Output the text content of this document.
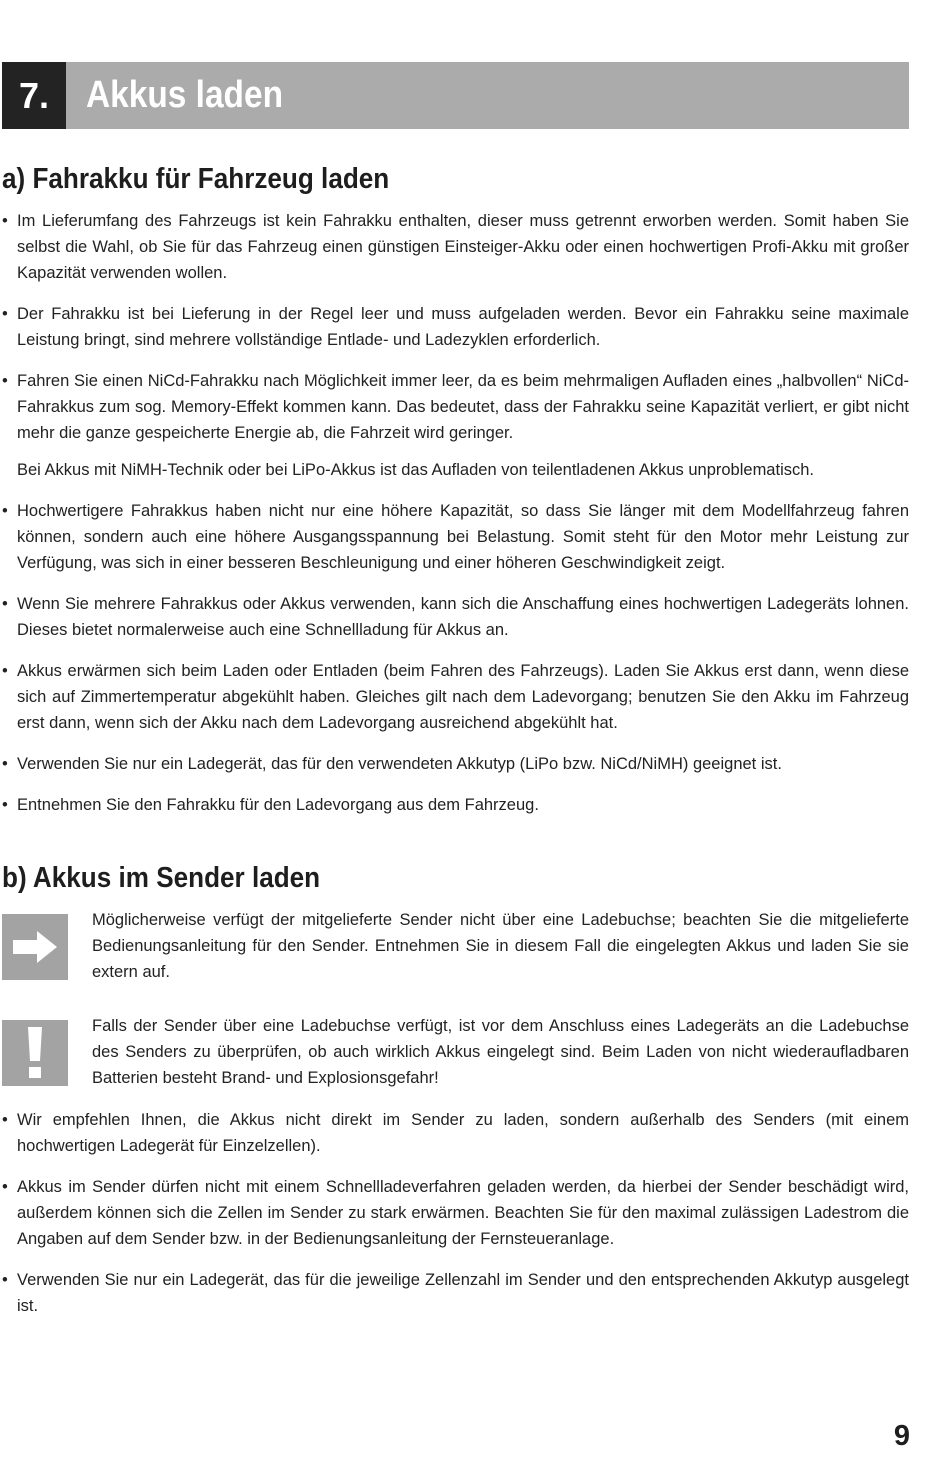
7. Akkus laden
a) Fahrakku für Fahrzeug laden
• Im Lieferumfang des Fahrzeugs ist kein Fahrakku enthalten, dieser muss getrennt erworben werden. Somit haben Sie selbst die Wahl, ob Sie für das Fahrzeug einen günstigen Einsteiger-Akku oder einen hochwertigen Profi-Akku mit großer Kapazität verwenden wollen.
• Der Fahrakku ist bei Lieferung in der Regel leer und muss aufgeladen werden. Bevor ein Fahrakku seine maximale Leistung bringt, sind mehrere vollständige Entlade- und Ladezyklen erforderlich.
• Fahren Sie einen NiCd-Fahrakku nach Möglichkeit immer leer, da es beim mehrmaligen Aufladen eines „halbvollen“ NiCd-Fahrakkus zum sog. Memory-Effekt kommen kann. Das bedeutet, dass der Fahrakku seine Kapazität verliert, er gibt nicht mehr die ganze gespeicherte Energie ab, die Fahrzeit wird geringer.
Bei Akkus mit NiMH-Technik oder bei LiPo-Akkus ist das Aufladen von teilentladenen Akkus unproblematisch.
• Hochwertigere Fahrakkus haben nicht nur eine höhere Kapazität, so dass Sie länger mit dem Modellfahrzeug fahren können, sondern auch eine höhere Ausgangsspannung bei Belastung. Somit steht für den Motor mehr Leistung zur Verfügung, was sich in einer besseren Beschleunigung und einer höheren Geschwindigkeit zeigt.
• Wenn Sie mehrere Fahrakkus oder Akkus verwenden, kann sich die Anschaffung eines hochwertigen Ladegeräts lohnen. Dieses bietet normalerweise auch eine Schnellladung für Akkus an.
• Akkus erwärmen sich beim Laden oder Entladen (beim Fahren des Fahrzeugs). Laden Sie Akkus erst dann, wenn diese sich auf Zimmertemperatur abgekühlt haben. Gleiches gilt nach dem Ladevorgang; benutzen Sie den Akku im Fahrzeug erst dann, wenn sich der Akku nach dem Ladevorgang ausreichend abgekühlt hat.
• Verwenden Sie nur ein Ladegerät, das für den verwendeten Akkutyp (LiPo bzw. NiCd/NiMH) geeignet ist.
• Entnehmen Sie den Fahrakku für den Ladevorgang aus dem Fahrzeug.
b) Akkus im Sender laden
Möglicherweise verfügt der mitgelieferte Sender nicht über eine Ladebuchse; beachten Sie die mitgelieferte Bedienungsanleitung für den Sender. Entnehmen Sie in diesem Fall die eingelegten Akkus und laden Sie sie extern auf.
Falls der Sender über eine Ladebuchse verfügt, ist vor dem Anschluss eines Ladegeräts an die Ladebuchse des Senders zu überprüfen, ob auch wirklich Akkus eingelegt sind. Beim Laden von nicht wiederaufladbaren Batterien besteht Brand- und Explosionsgefahr!
• Wir empfehlen Ihnen, die Akkus nicht direkt im Sender zu laden, sondern außerhalb des Senders (mit einem hochwertigen Ladegerät für Einzelzellen).
• Akkus im Sender dürfen nicht mit einem Schnellladeverfahren geladen werden, da hierbei der Sender beschädigt wird, außerdem können sich die Zellen im Sender zu stark erwärmen. Beachten Sie für den maximal zulässigen Ladestrom die Angaben auf dem Sender bzw. in der Bedienungsanleitung der Fernsteueranlage.
• Verwenden Sie nur ein Ladegerät, das für die jeweilige Zellenzahl im Sender und den entsprechenden Akkutyp ausgelegt ist.
9
